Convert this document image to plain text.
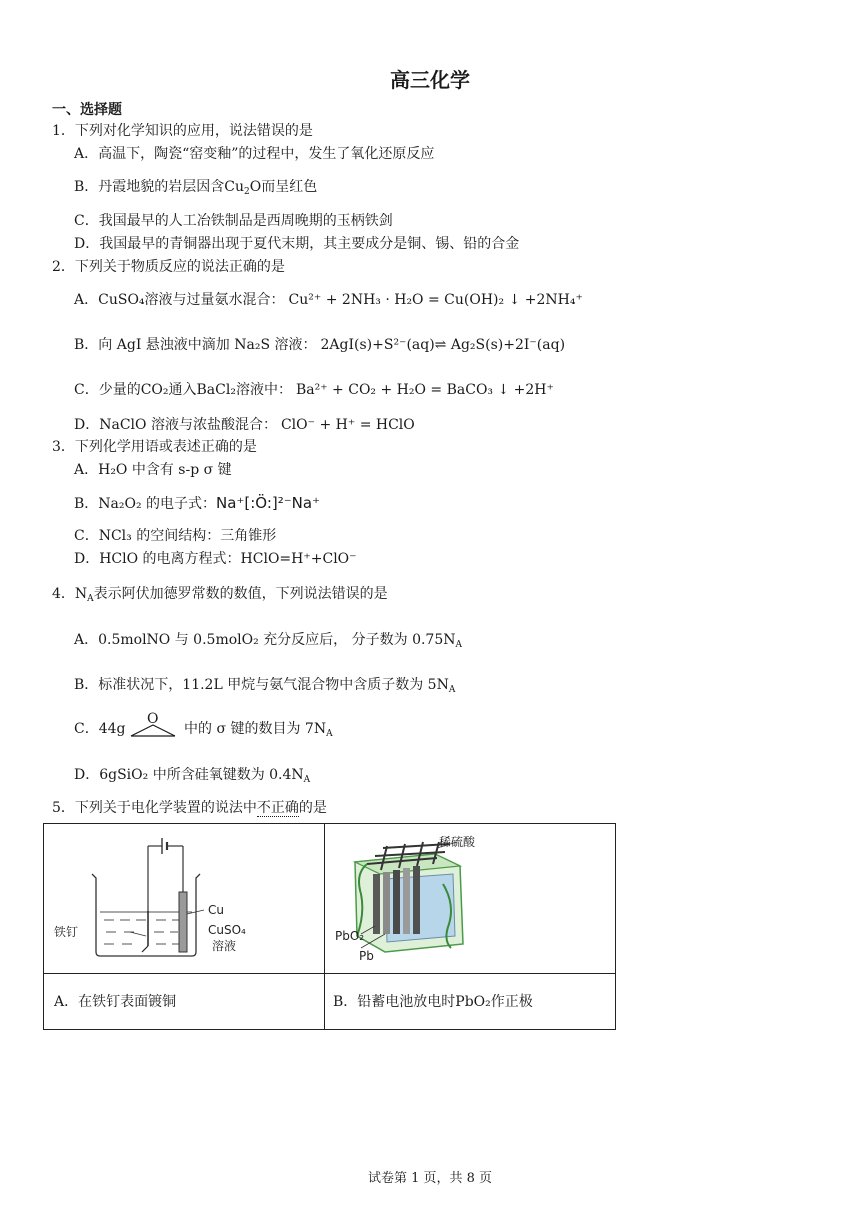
高三化学
一、选择题
1．下列对化学知识的应用，说法错误的是
A．高温下，陶瓷“窑变釉”的过程中，发生了氧化还原反应
B．丹霞地貌的岩层因含$Cu_2O$而呈红色
C．我国最早的人工冶铁制品是西周晚期的玉柄铁剑
D．我国最早的青铜器出现于夏代末期，其主要成分是铜、锡、铅的合金
2．下列关于物质反应的说法正确的是
A．CuSO₄溶液与过量氨水混合： Cu²⁺ + 2NH₃ · H₂O = Cu(OH)₂ ↓ +2NH₄⁺
B．向 AgI 悬浊液中滴加 Na₂S 溶液： 2AgI(s)+S²⁻(aq)⇌ Ag₂S(s)+2I⁻(aq)
C．少量的CO₂通入BaCl₂溶液中： Ba²⁺ + CO₂ + H₂O = BaCO₃ ↓ +2H⁺
D．NaClO 溶液与浓盐酸混合： ClO⁻ + H⁺ = HClO
3．下列化学用语或表述正确的是
A．H₂O 中含有 s-p σ 键
B．Na₂O₂ 的电子式：Na⁺[:Ö:]²⁻Na⁺
C．NCl₃ 的空间结构：三角锥形
D．HClO 的电离方程式：HClO=H⁺+ClO⁻
4．$N_A$表示阿伏加德罗常数的数值，下列说法错误的是
A．0.5molNO 与 0.5molO₂ 充分反应后， 分子数为 $0.75N_A$
B．标准状况下，11.2L 甲烷与氨气混合物中含质子数为 $5N_A$
C．44g
O
中的 σ 键的数目为 $7N_A$
D．6gSiO₂ 中所含硅氧键数为 $0.4N_A$
5．下列关于电化学装置的说法中不正确的是
Cu
铁钉 CuSO₄
溶液	稀硫酸
PbO₂
Pb

A．在铁钉表面镀铜	B．铅蓄电池放电时PbO₂作正极
试卷第 1 页，共 8 页
